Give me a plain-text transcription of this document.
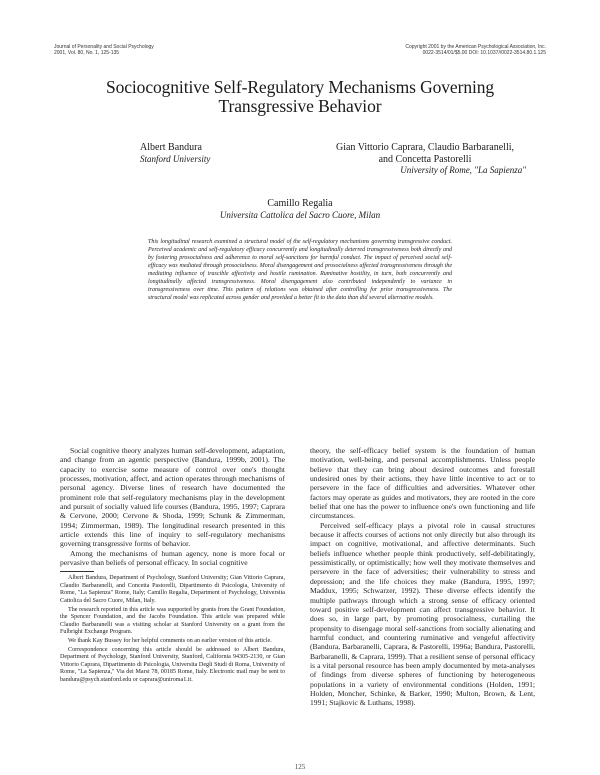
Journal of Personality and Social Psychology
2001, Vol. 80, No. 1, 125-135
Copyright 2001 by the American Psychological Association, Inc.
0022-3514/01/$5.00 DOI: 10.1037//0022-3514.80.1.125
Sociocognitive Self-Regulatory Mechanisms Governing Transgressive Behavior
Albert Bandura
Stanford University
Gian Vittorio Caprara, Claudio Barbaranelli,
and Concetta Pastorelli
University of Rome, "La Sapienza"
Camillo Regalia
Universita Cattolica del Sacro Cuore, Milan
This longitudinal research examined a structural model of the self-regulatory mechanisms governing transgressive conduct. Perceived academic and self-regulatory efficacy concurrently and longitudinally deterred transgressiveness both directly and by fostering prosocialness and adherence to moral self-sanctions for harmful conduct. The impact of perceived social self-efficacy was mediated through prosocialness. Moral disengagement and prosocialness affected transgressiveness through the mediating influence of irascible affectivity and hostile rumination. Ruminative hostility, in turn, both concurrently and longitudinally affected transgressiveness. Moral disengagement also contributed independently to variance in transgressiveness over time. This pattern of relations was obtained after controlling for prior transgressiveness. The structural model was replicated across gender and provided a better fit to the data than did several alternative models.

Social cognitive theory analyzes human self-development, adaptation, and change from an agentic perspective (Bandura, 1999b, 2001). The capacity to exercise some measure of control over one's thought processes, motivation, affect, and action operates through mechanisms of personal agency. Diverse lines of research have documented the prominent role that self-regulatory mechanisms play in the development and pursuit of socially valued life courses (Bandura, 1995, 1997; Caprara & Cervone, 2000; Cervone & Shoda, 1999; Schunk & Zimmerman, 1994; Zimmerman, 1989). The longitudinal research presented in this article extends this line of inquiry to self-regulatory mechanisms governing transgressive forms of behavior.

Among the mechanisms of human agency, none is more focal or pervasive than beliefs of personal efficacy. In social cognitive

Albert Bandura, Department of Psychology, Stanford University; Gian Vittorio Caprara, Claudio Barbaranelli, and Concetta Pastorelli, Dipartimento di Psicologia, University of Rome, "La Sapienza" Rome, Italy; Camillo Regalia, Department of Psychology, Universita Cattolica del Sacro Cuore, Milan, Italy.

The research reported in this article was supported by grants from the Grant Foundation, the Spencer Foundation, and the Jacobs Foundation. This article was prepared while Claudio Barbaranelli was a visiting scholar at Stanford University on a grant from the Fulbright Exchange Program.

We thank Kay Bussey for her helpful comments on an earlier version of this article.

Correspondence concerning this article should be addressed to Albert Bandura, Department of Psychology, Stanford University, Stanford, California 94305-2130, or Gian Vittorio Caprara, Dipartimento di Psicologia, Universita Degli Studi di Roma, University of Rome, "La Sapienza," Via dei Marsi 78, 00185 Rome, Italy. Electronic mail may be sent to bandura@psych.stanford.edu or caprara@uniroma1.it.

theory, the self-efficacy belief system is the foundation of human motivation, well-being, and personal accomplishments. Unless people believe that they can bring about desired outcomes and forestall undesired ones by their actions, they have little incentive to act or to persevere in the face of difficulties and adversities. Whatever other factors may operate as guides and motivators, they are rooted in the core belief that one has the power to influence one's own functioning and life circumstances.

Perceived self-efficacy plays a pivotal role in causal structures because it affects courses of actions not only directly but also through its impact on cognitive, motivational, and affective determinants. Such beliefs influence whether people think productively, self-debilitatingly, pessimistically, or optimistically; how well they motivate themselves and persevere in the face of adversities; their vulnerability to stress and depression; and the life choices they make (Bandura, 1995, 1997; Maddux, 1995; Schwarzer, 1992). These diverse effects identify the multiple pathways through which a strong sense of efficacy oriented toward positive self-development can affect transgressive behavior. It does so, in large part, by promoting prosocialness, curtailing the propensity to disengage moral self-sanctions from socially alienating and harmful conduct, and countering ruminative and vengeful affectivity (Bandura, Barbaranelli, Caprara, & Pastorelli, 1996a; Bandura, Pastorelli, Barbaranelli, & Caprara, 1999). That a resilient sense of personal efficacy is a vital personal resource has been amply documented by meta-analyses of findings from diverse spheres of functioning by heterogeneous populations in a variety of environmental conditions (Holden, 1991; Holden, Moncher, Schinke, & Barker, 1990; Multon, Brown, & Lent, 1991; Stajkovic & Luthans, 1998).

125
